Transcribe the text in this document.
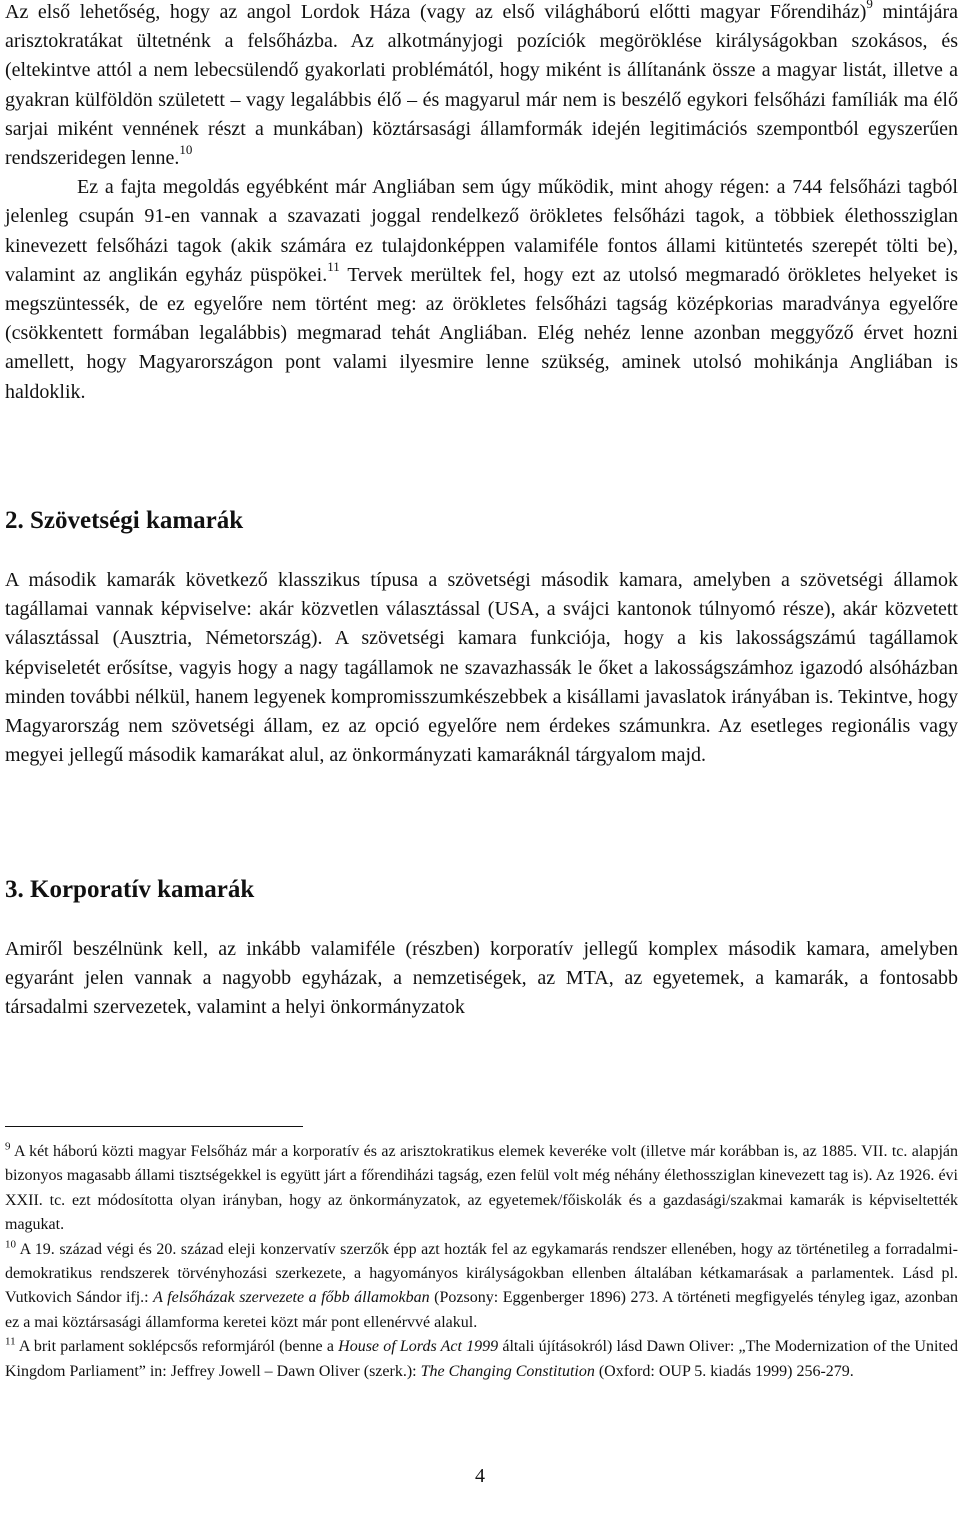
Az első lehetőség, hogy az angol Lordok Háza (vagy az első világháború előtti magyar Főrendiház)$^9$ mintájára arisztokratákat ültetnénk a felsőházba. Az alkotmányjogi pozíciók megöröklése királyságokban szokásos, és (eltekintve attól a nem lebecsülendő gyakorlati problémától, hogy miként is állítanánk össze a magyar listát, illetve a gyakran külföldön született – vagy legalábbis élő – és magyarul már nem is beszélő egykori felsőházi famíliák ma élő sarjai miként vennének részt a munkában) köztársasági államformák idején legitimációs szempontból egyszerűen rendszeridegen lenne.$^{10}$

Ez a fajta megoldás egyébként már Angliában sem úgy működik, mint ahogy régen: a 744 felsőházi tagból jelenleg csupán 91-en vannak a szavazati joggal rendelkező örökletes felsőházi tagok, a többiek élethossziglan kinevezett felsőházi tagok (akik számára ez tulajdonképpen valamiféle fontos állami kitüntetés szerepét tölti be), valamint az anglikán egyház püspökei.$^{11}$ Tervek merültek fel, hogy ezt az utolsó megmaradó örökletes helyeket is megszüntessék, de ez egyelőre nem történt meg: az örökletes felsőházi tagság középkorias maradványa egyelőre (csökkentett formában legalábbis) megmarad tehát Angliában. Elég nehéz lenne azonban meggyőző érvet hozni amellett, hogy Magyarországon pont valami ilyesmire lenne szükség, aminek utolsó mohikánja Angliában is haldoklik.

2. Szövetségi kamarák

A második kamarák következő klasszikus típusa a szövetségi második kamara, amelyben a szövetségi államok tagállamai vannak képviselve: akár közvetlen választással (USA, a svájci kantonok túlnyomó része), akár közvetett választással (Ausztria, Németország). A szövetségi kamara funkciója, hogy a kis lakosságszámú tagállamok képviseletét erősítse, vagyis hogy a nagy tagállamok ne szavazhassák le őket a lakosságszámhoz igazodó alsóházban minden további nélkül, hanem legyenek kompromisszumkészebbek a kisállami javaslatok irányában is. Tekintve, hogy Magyarország nem szövetségi állam, ez az opció egyelőre nem érdekes számunkra. Az esetleges regionális vagy megyei jellegű második kamarákat alul, az önkormányzati kamaráknál tárgyalom majd.

3. Korporatív kamarák

Amiről beszélnünk kell, az inkább valamiféle (részben) korporatív jellegű komplex második kamara, amelyben egyaránt jelen vannak a nagyobb egyházak, a nemzetiségek, az MTA, az egyetemek, a kamarák, a fontosabb társadalmi szervezetek, valamint a helyi önkormányzatok

$^9$ A két háború közti magyar Felsőház már a korporatív és az arisztokratikus elemek keveréke volt (illetve már korábban is, az 1885. VII. tc. alapján bizonyos magasabb állami tisztségekkel is együtt járt a főrendiházi tagság, ezen felül volt még néhány élethossziglan kinevezett tag is). Az 1926. évi XXII. tc. ezt módosította olyan irányban, hogy az önkormányzatok, az egyetemek/főiskolák és a gazdasági/szakmai kamarák is képviseltették magukat.

$^{10}$ A 19. század végi és 20. század eleji konzervatív szerzők épp azt hozták fel az egykamarás rendszer ellenében, hogy az történetileg a forradalmi-demokratikus rendszerek törvényhozási szerkezete, a hagyományos királyságokban ellenben általában kétkamarásak a parlamentek. Lásd pl. Vutkovich Sándor ifj.: A felsőházak szervezete a főbb államokban (Pozsony: Eggenberger 1896) 273. A történeti megfigyelés tényleg igaz, azonban ez a mai köztársasági államforma keretei közt már pont ellenérvvé alakul.

$^{11}$ A brit parlament soklépcsős reformjáról (benne a House of Lords Act 1999 általi újításokról) lásd Dawn Oliver: „The Modernization of the United Kingdom Parliament” in: Jeffrey Jowell – Dawn Oliver (szerk.): The Changing Constitution (Oxford: OUP 5. kiadás 1999) 256-279.

4
